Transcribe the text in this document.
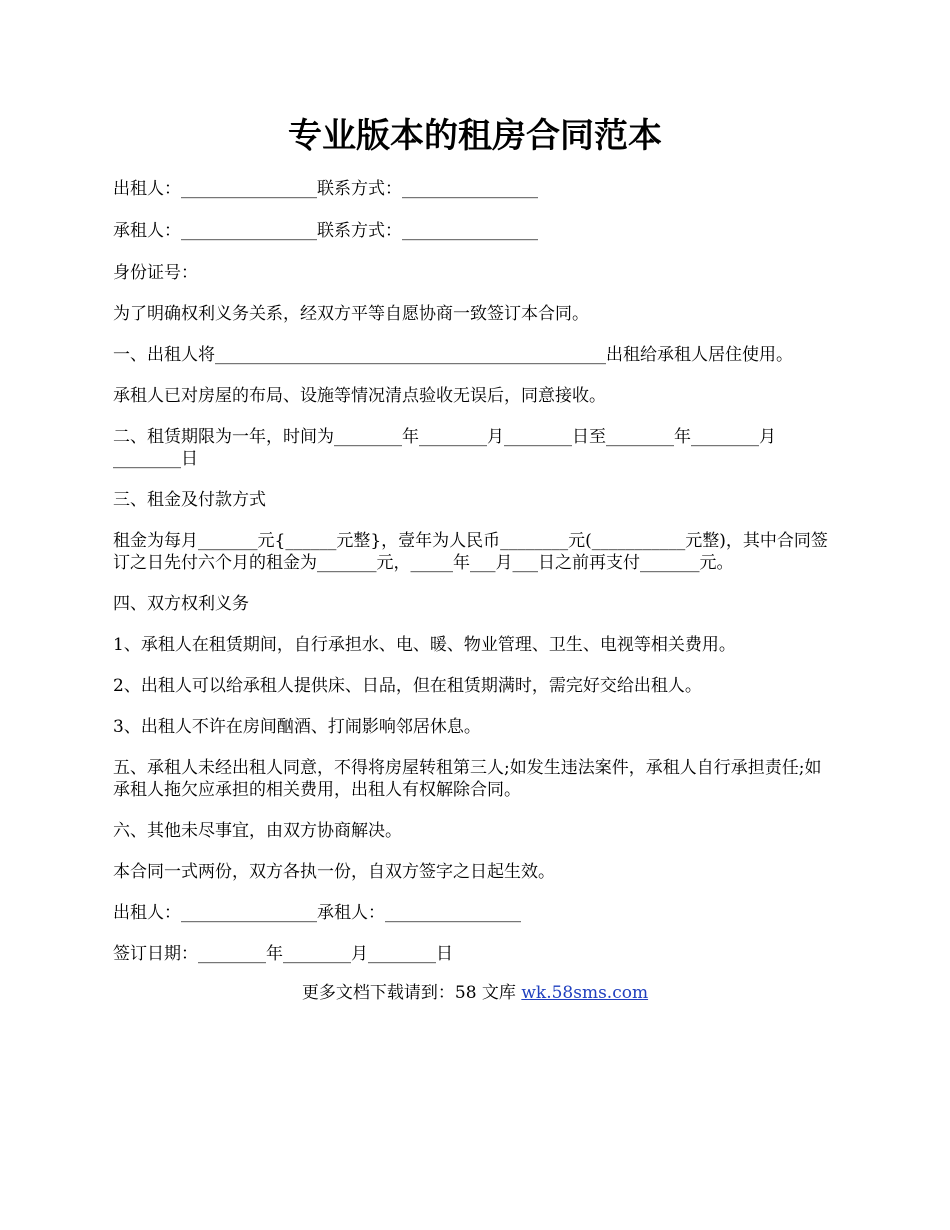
专业版本的租房合同范本

出租人：________________联系方式：________________

承租人：________________联系方式：________________

身份证号：

为了明确权利义务关系，经双方平等自愿协商一致签订本合同。

一、出租人将______________________________________________出租给承租人居住使用。

承租人已对房屋的布局、设施等情况清点验收无误后，同意接收。

二、租赁期限为一年，时间为________年________月________日至________年________月________日

三、租金及付款方式

租金为每月_______元{______元整}，壹年为人民币________元(___________元整)，其中合同签订之日先付六个月的租金为_______元，_____年___月___日之前再支付_______元。

四、双方权利义务

1、承租人在租赁期间，自行承担水、电、暖、物业管理、卫生、电视等相关费用。

2、出租人可以给承租人提供床、日品，但在租赁期满时，需完好交给出租人。

3、出租人不许在房间酗酒、打闹影响邻居休息。

五、承租人未经出租人同意，不得将房屋转租第三人;如发生违法案件，承租人自行承担责任;如承租人拖欠应承担的相关费用，出租人有权解除合同。

六、其他未尽事宜，由双方协商解决。

本合同一式两份，双方各执一份，自双方签字之日起生效。

出租人：________________承租人：________________

签订日期：________年________月________日

更多文档下载请到：58 文库 wk.58sms.com
